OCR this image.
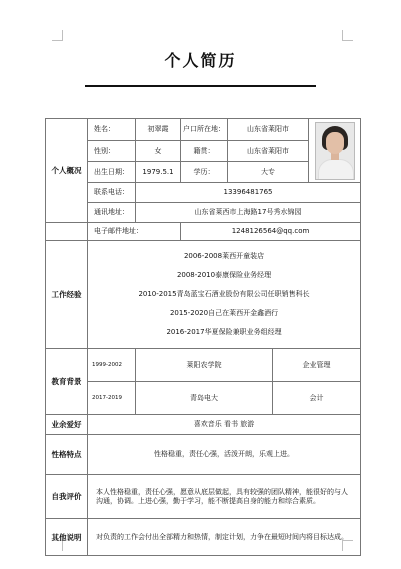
个人简历
个人概况	姓名：	初翠霞	户口所在地：	山东省莱阳市		

	性别：	女	籍贯：	山东省莱阳市		
	出生日期：	1979.5.1	学历：	大专		
	联系电话：	13396481765				
	通讯地址：	山东省莱西市上海路17号秀水锦园				
	电子邮件地址：		1248126564@qq.com			
工作经验	2006-2008莱西开童装店
2008-2010泰康保险业务经理
2010-2015青岛蓝宝石酒业股份有限公司任职销售科长
2015-2020自己在莱西开金鑫酒行
2016-2017华夏保险兼职业务组经理					

教育背景	1999-2002	莱阳农学院			企业管理	
	2017-2019	青岛电大			会计	
业余爱好	喜欢音乐 看书 旅游					
性格特点	性格稳重，责任心强，活泼开朗，乐观上进。					
自我评价	本人性格稳重，责任心强，愿意从底层做起，具有较强的团队精神，能很好的与人沟通，协调。上进心强，勤于学习，能不断提高自身的能力和综合素质。					
其他说明	对负责的工作会付出全部精力和热情，制定计划，力争在最短时间内将目标达成。					
